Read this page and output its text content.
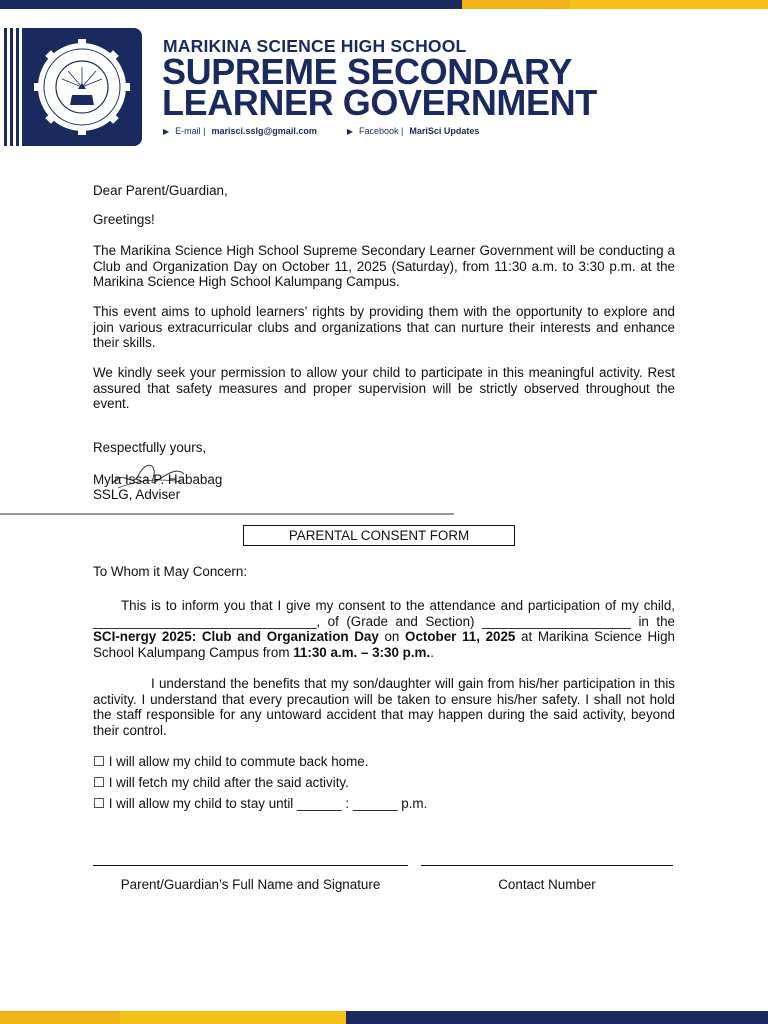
MARIKINA SCIENCE HIGH SCHOOL
SUPREME SECONDARY
LEARNER GOVERNMENT
▶ E-mail | marisci.sslg@gmail.com	▶ Facebook | MariSci Updates
Dear Parent/Guardian,
Greetings!
The Marikina Science High School Supreme Secondary Learner Government will be conducting a Club and Organization Day on October 11, 2025 (Saturday), from 11:30 a.m. to 3:30 p.m. at the Marikina Science High School Kalumpang Campus.
This event aims to uphold learners’ rights by providing them with the opportunity to explore and join various extracurricular clubs and organizations that can nurture their interests and enhance their skills.
We kindly seek your permission to allow your child to participate in this meaningful activity. Rest assured that safety measures and proper supervision will be strictly observed throughout the event.
Respectfully yours,
Myla Issa P. Hababag
SSLG, Adviser
PARENTAL CONSENT FORM
To Whom it May Concern:
This is to inform you that I give my consent to the attendance and participation of my child, ______________________________, of (Grade and Section) ____________________ in the SCI-nergy 2025: Club and Organization Day on October 11, 2025 at Marikina Science High School Kalumpang Campus from 11:30 a.m. – 3:30 p.m..
I understand the benefits that my son/daughter will gain from his/her participation in this activity. I understand that every precaution will be taken to ensure his/her safety. I shall not hold the staff responsible for any untoward accident that may happen during the said activity, beyond their control.
☐ I will allow my child to commute back home.
☐ I will fetch my child after the said activity.
☐ I will allow my child to stay until ______ : ______ p.m.
Parent/Guardian’s Full Name and Signature	Contact Number
